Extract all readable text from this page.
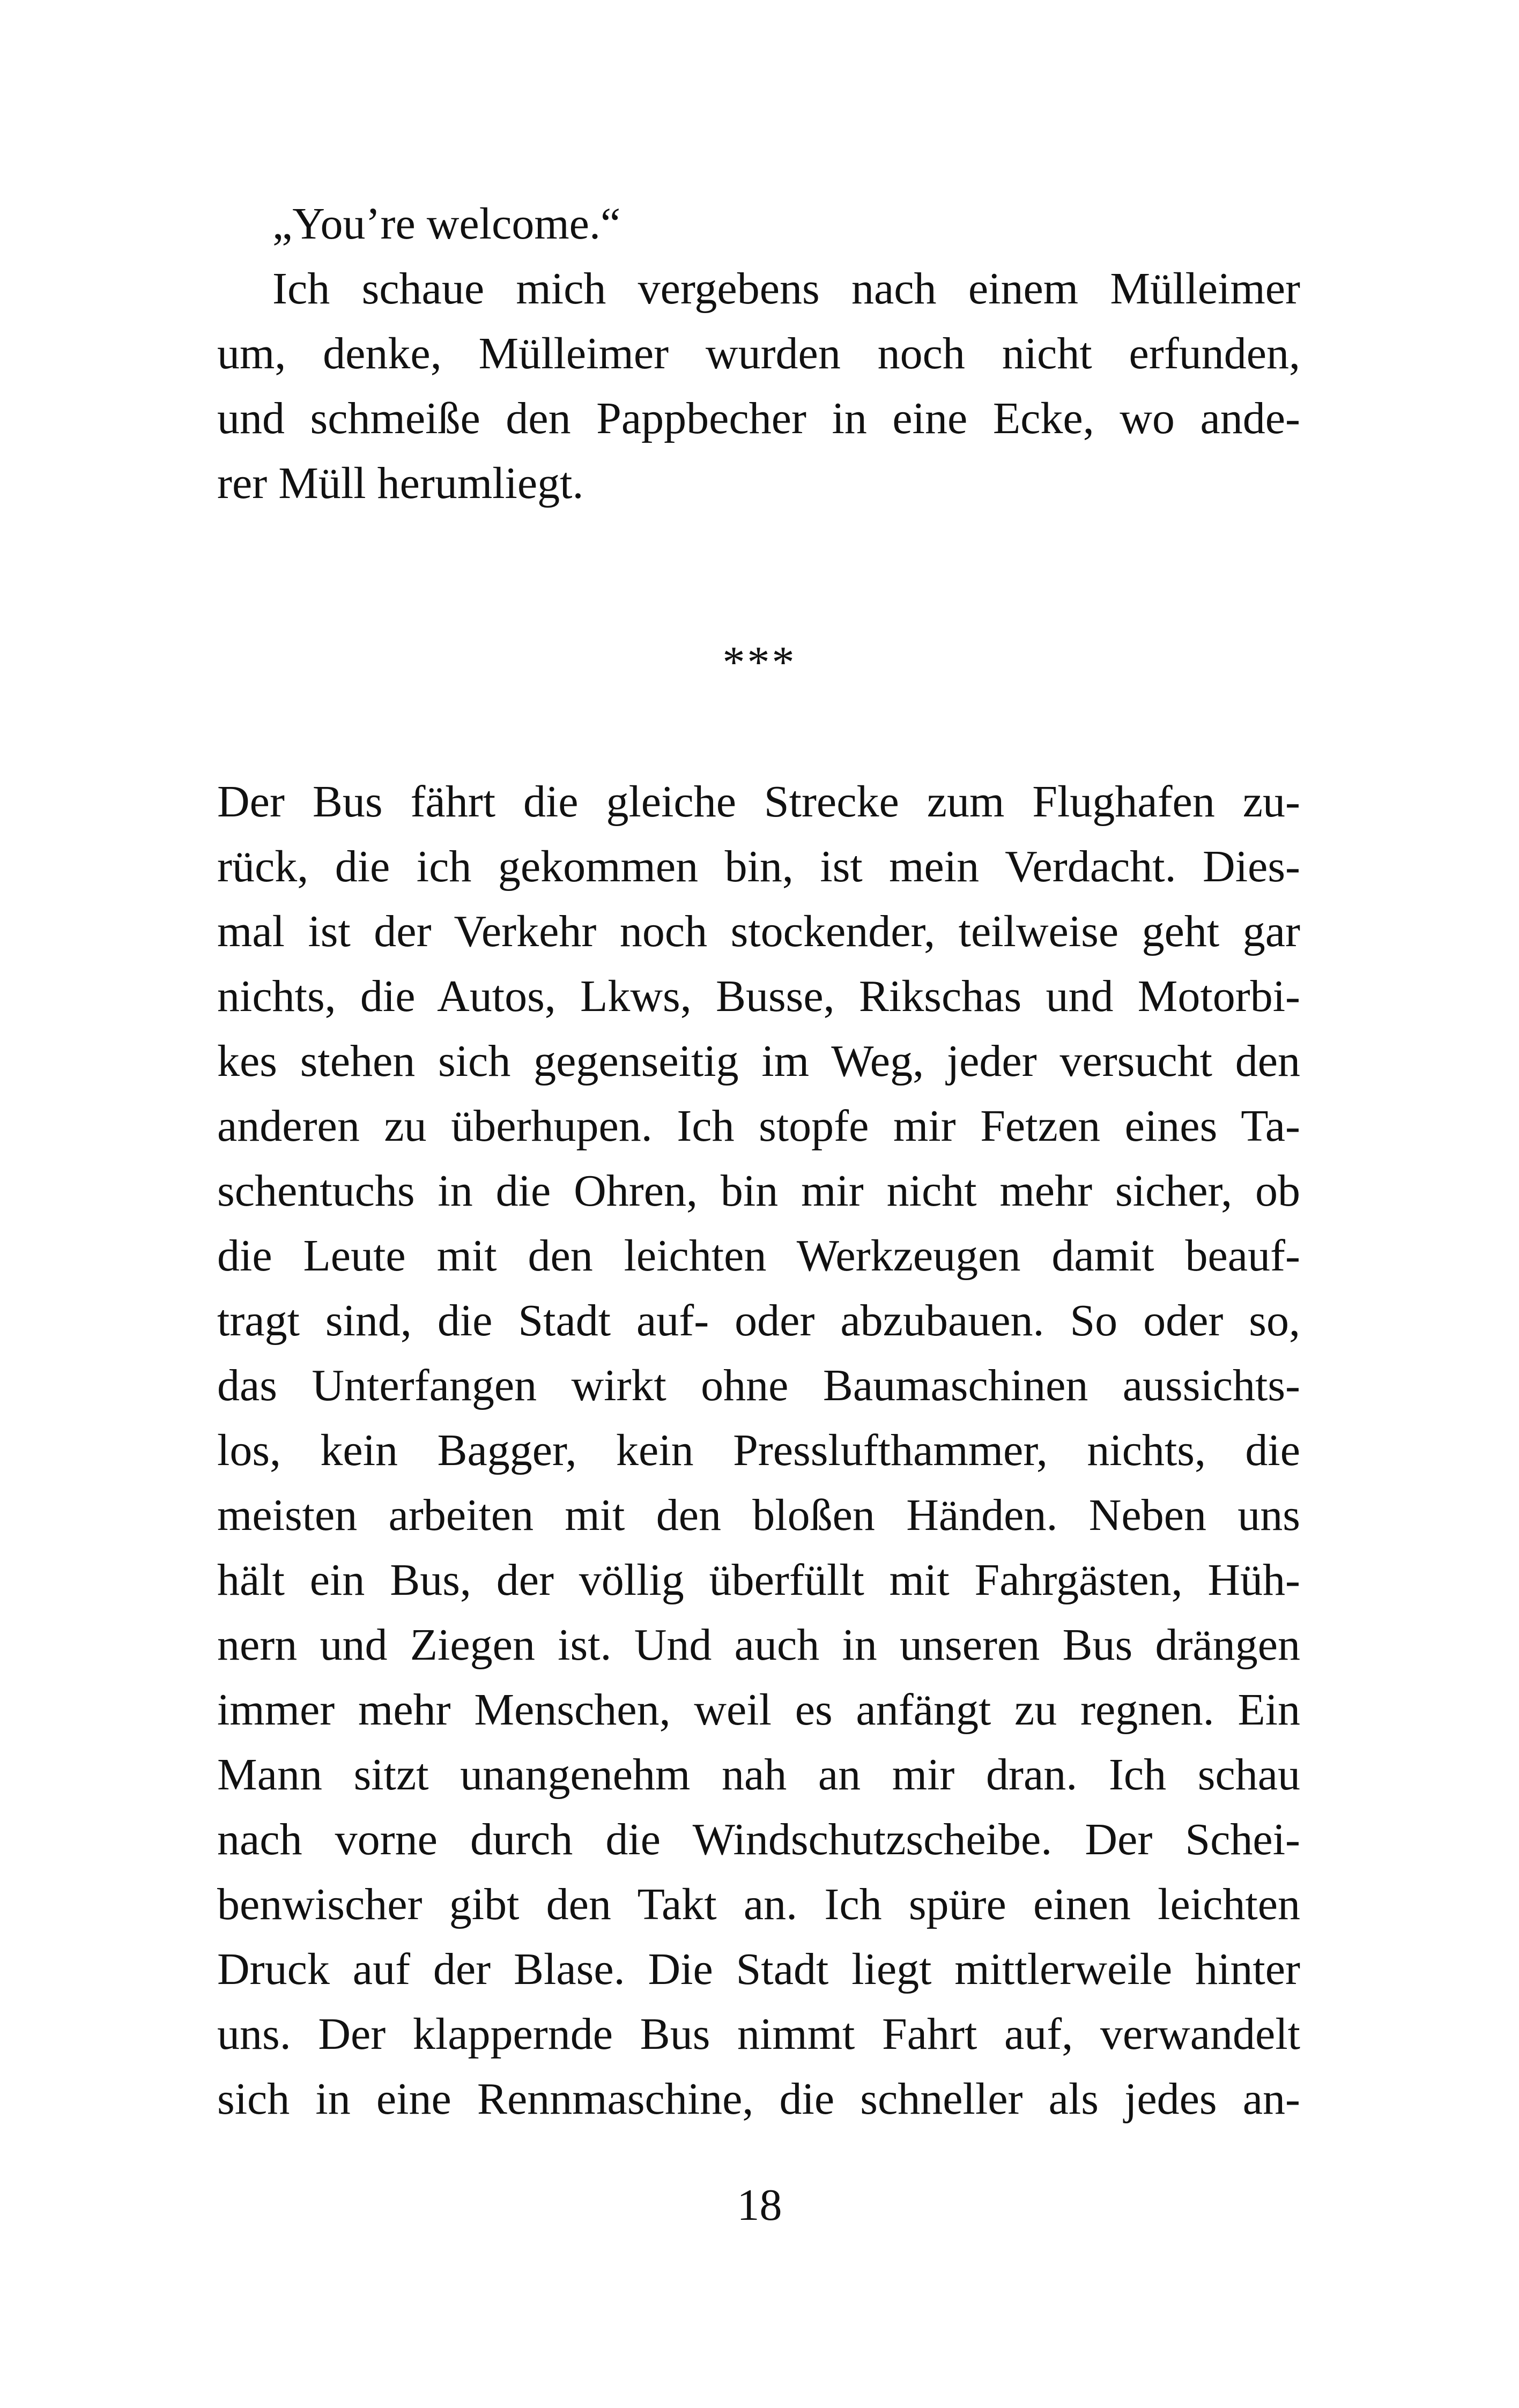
„You’re welcome.“
Ich schaue mich vergebens nach einem Mülleimer
um, denke, Mülleimer wurden noch nicht erfunden,
und schmeiße den Pappbecher in eine Ecke, wo ande-
rer Müll herumliegt.
***
Der Bus fährt die gleiche Strecke zum Flughafen zu-
rück, die ich gekommen bin, ist mein Verdacht. Dies-
mal ist der Verkehr noch stockender, teilweise geht gar
nichts, die Autos, Lkws, Busse, Rikschas und Motorbi-
kes stehen sich gegenseitig im Weg, jeder versucht den
anderen zu überhupen. Ich stopfe mir Fetzen eines Ta-
schentuchs in die Ohren, bin mir nicht mehr sicher, ob
die Leute mit den leichten Werkzeugen damit beauf-
tragt sind, die Stadt auf- oder abzubauen. So oder so,
das Unterfangen wirkt ohne Baumaschinen aussichts-
los, kein Bagger, kein Presslufthammer, nichts, die
meisten arbeiten mit den bloßen Händen. Neben uns
hält ein Bus, der völlig überfüllt mit Fahrgästen, Hüh-
nern und Ziegen ist. Und auch in unseren Bus drängen
immer mehr Menschen, weil es anfängt zu regnen. Ein
Mann sitzt unangenehm nah an mir dran. Ich schau
nach vorne durch die Windschutzscheibe. Der Schei-
benwischer gibt den Takt an. Ich spüre einen leichten
Druck auf der Blase. Die Stadt liegt mittlerweile hinter
uns. Der klappernde Bus nimmt Fahrt auf, verwandelt
sich in eine Rennmaschine, die schneller als jedes an-
18
